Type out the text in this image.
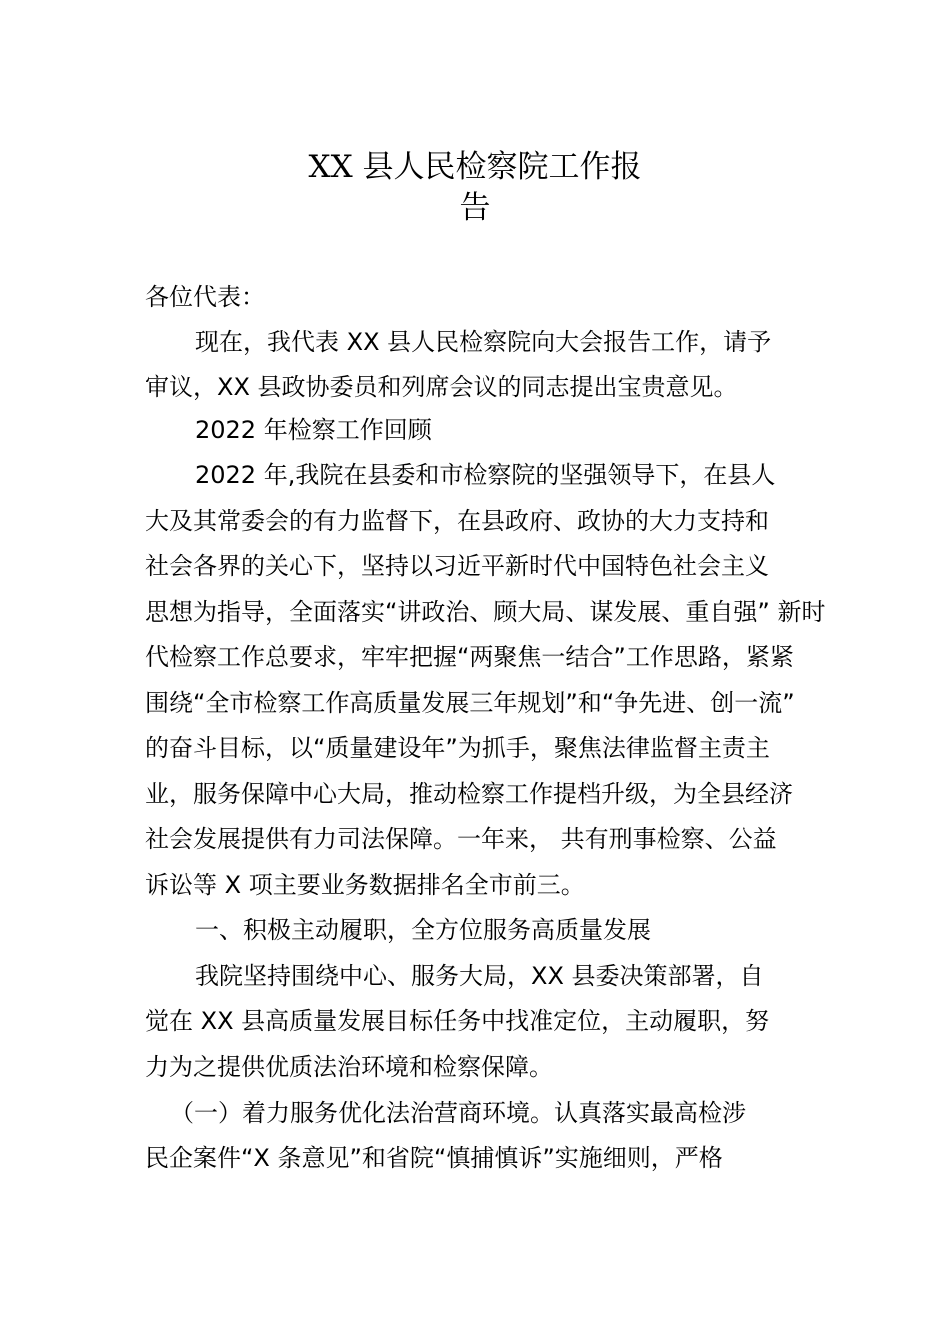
XX 县人民检察院工作报
告
各位代表：
现在，我代表 XX 县人民检察院向大会报告工作，请予
审议，XX 县政协委员和列席会议的同志提出宝贵意见。
2022 年检察工作回顾
2022 年,我院在县委和市检察院的坚强领导下，在县人
大及其常委会的有力监督下，在县政府、政协的大力支持和
社会各界的关心下，坚持以习近平新时代中国特色社会主义
思想为指导，全面落实“讲政治、顾大局、谋发展、重自强” 新时
代检察工作总要求，牢牢把握“两聚焦一结合”工作思路，紧紧
围绕“全市检察工作高质量发展三年规划”和“争先进、创一流”
的奋斗目标，以“质量建设年”为抓手，聚焦法律监督主责主
业，服务保障中心大局，推动检察工作提档升级，为全县经济
社会发展提供有力司法保障。一年来， 共有刑事检察、公益
诉讼等 X 项主要业务数据排名全市前三。
一、积极主动履职，全方位服务高质量发展
我院坚持围绕中心、服务大局，XX 县委决策部署，自
觉在 XX 县高质量发展目标任务中找准定位，主动履职，努
力为之提供优质法治环境和检察保障。
（一）着力服务优化法治营商环境。认真落实最高检涉
民企案件“X 条意见”和省院“慎捕慎诉”实施细则，严格
